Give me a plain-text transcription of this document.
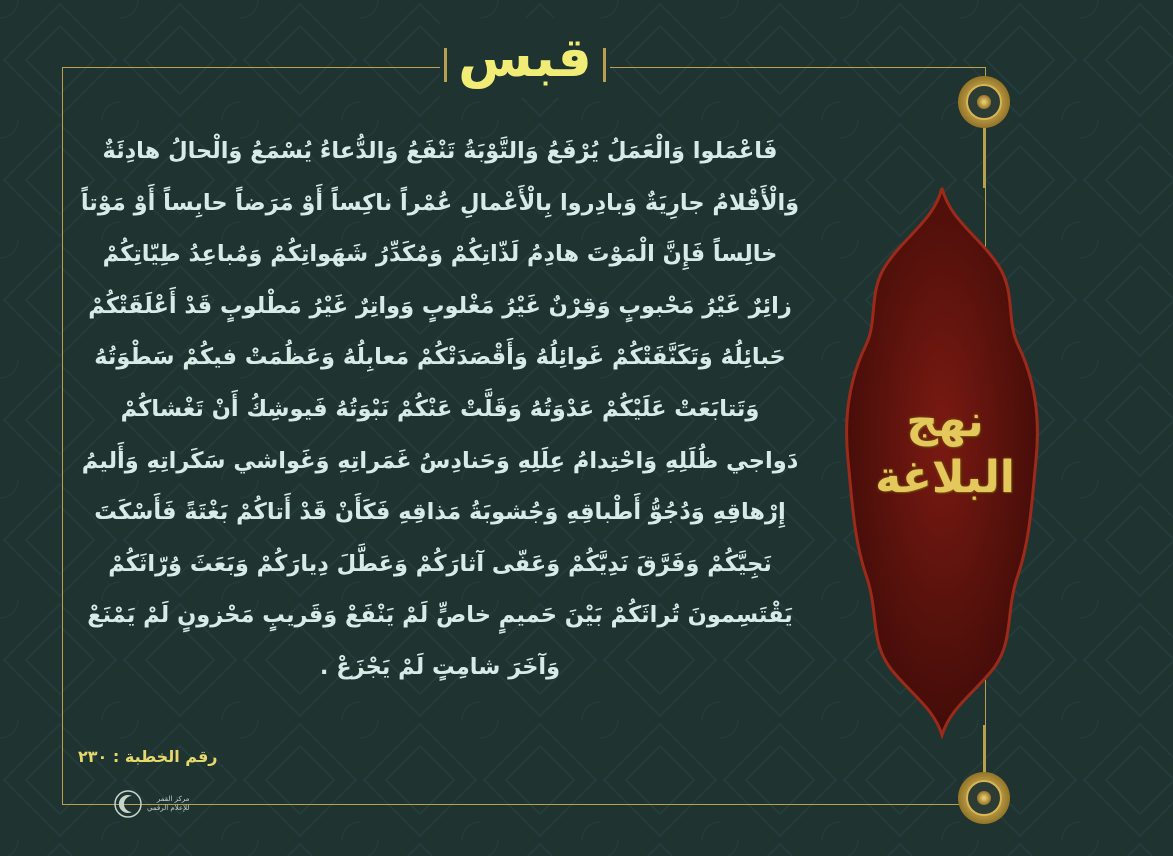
قبس
فَاعْمَلوا وَالْعَمَلُ يُرْفَعُ وَالتَّوْبَةُ تَنْفَعُ وَالدُّعاءُ يُسْمَعُ وَالْحالُ هادِئَةٌ
وَالْأَقْلامُ جارِيَةٌ وَبادِروا بِالْأَعْمالِ عُمْراً ناكِساً أَوْ مَرَضاً حابِساً أَوْ مَوْتاً
خالِساً فَإِنَّ الْمَوْتَ هادِمُ لَذّاتِكُمْ وَمُكَدِّرُ شَهَواتِكُمْ وَمُباعِدُ طِيّاتِكُمْ
زائِرٌ غَيْرُ مَحْبوبٍ وَقِرْنٌ غَيْرُ مَغْلوبٍ وَواتِرٌ غَيْرُ مَطْلوبٍ قَدْ أَعْلَقَتْكُمْ
حَبائِلُهُ وَتَكَنَّفَتْكُمْ غَوائِلُهُ وَأَقْصَدَتْكُمْ مَعابِلُهُ وَعَظُمَتْ فيكُمْ سَطْوَتُهُ
وَتَتابَعَتْ عَلَيْكُمْ عَدْوَتُهُ وَقَلَّتْ عَنْكُمْ نَبْوَتُهُ فَيوشِكُ أَنْ تَغْشاكُمْ
دَواجي ظُلَلِهِ وَاحْتِدامُ عِلَلِهِ وَحَنادِسُ غَمَراتِهِ وَغَواشي سَكَراتِهِ وَأَليمُ
إِرْهاقِهِ وَدُجُوُّ أَطْباقِهِ وَجُشوبَةُ مَذاقِهِ فَكَأَنْ قَدْ أَتاكُمْ بَغْتَةً فَأَسْكَتَ
نَجِيَّكُمْ وَفَرَّقَ نَدِيَّكُمْ وَعَفّى آثارَكُمْ وَعَطَّلَ دِيارَكُمْ وَبَعَثَ وُرّاثَكُمْ
يَقْتَسِمونَ تُراثَكُمْ بَيْنَ حَميمٍ خاصٍّ لَمْ يَنْفَعْ وَقَريبٍ مَحْزونٍ لَمْ يَمْنَعْ
وَآخَرَ شامِتٍ لَمْ يَجْزَعْ .
رقم الخطبة : ٢٣٠
مركز القمر
للإعلام الرقمي
نهج البلاغة
